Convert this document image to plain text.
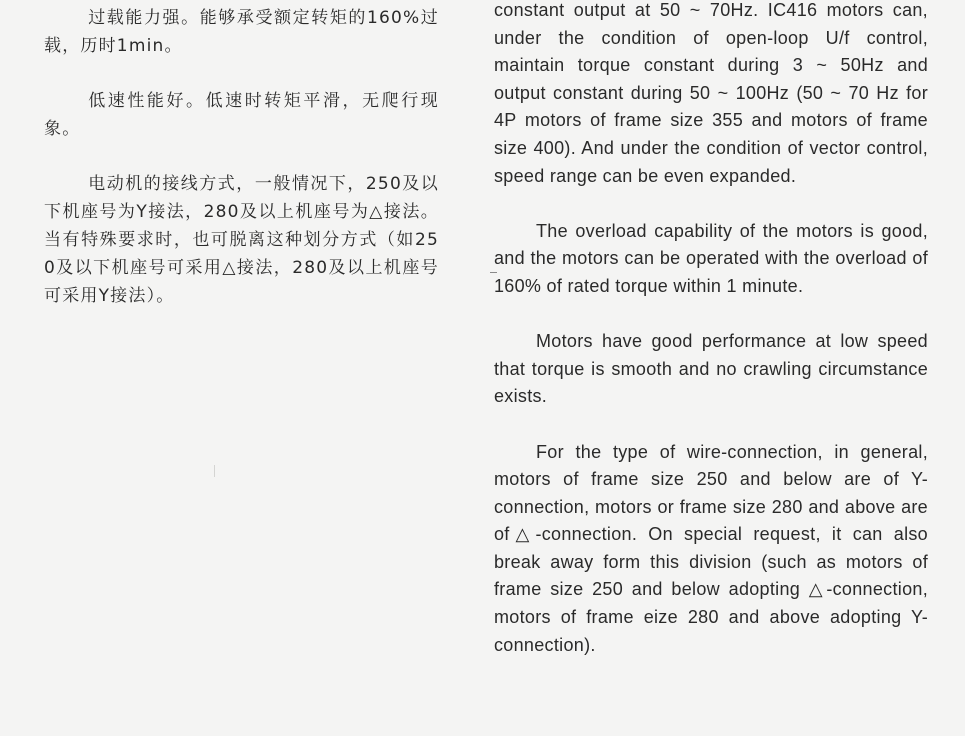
过载能力强。能够承受额定转矩的160%过载，历时1min。

低速性能好。低速时转矩平滑，无爬行现象。

电动机的接线方式，一般情况下，250及以下机座号为Y接法，280及以上机座号为△接法。当有特殊要求时，也可脱离这种划分方式（如250及以下机座号可采用△接法，280及以上机座号可采用Y接法）。

constant output at 50 ~ 70Hz. IC416 motors can, under the condition of open-loop U/f control, maintain torque constant during 3 ~ 50Hz and output constant during 50 ~ 100Hz (50 ~ 70 Hz for 4P motors of frame size 355 and motors of frame size 400). And under the condition of vector control, speed range can be even expanded.

The overload capability of the motors is good, and the motors can be operated with the overload of 160% of rated torque within 1 minute.

Motors have good performance at low speed that torque is smooth and no crawling circumstance exists.

For the type of wire-connection, in general, motors of frame size 250 and below are of Y-connection, motors or frame size 280 and above are of△-connection. On special request, it can also break away form this division (such as motors of frame size 250 and below adopting △-connection, motors of frame eize 280 and above adopting Y-connection).
